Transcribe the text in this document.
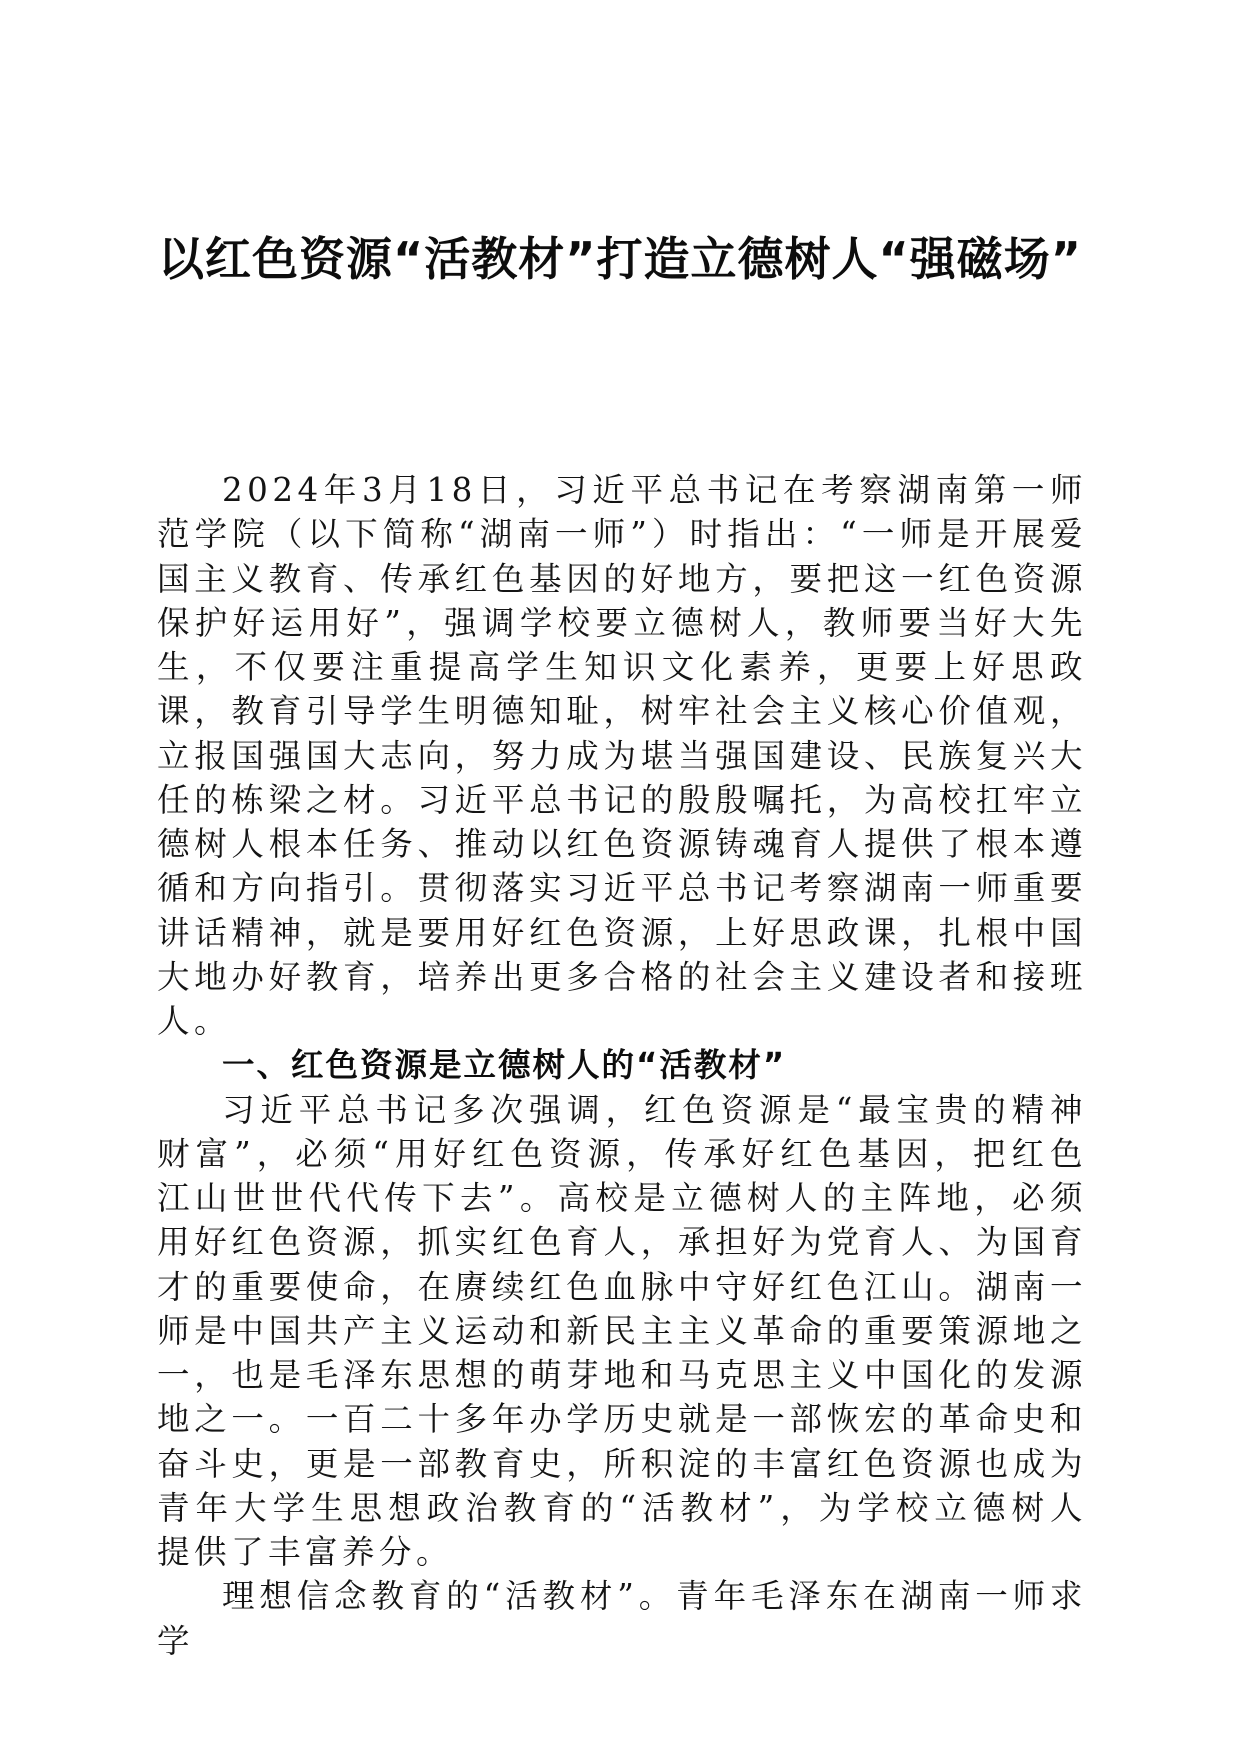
以红色资源“活教材”打造立德树人“强磁场”

2024年3月18日，习近平总书记在考察湖南第一师范学院（以下简称“湖南一师”）时指出：“一师是开展爱国主义教育、传承红色基因的好地方，要把这一红色资源保护好运用好”，强调学校要立德树人，教师要当好大先生，不仅要注重提高学生知识文化素养，更要上好思政课，教育引导学生明德知耻，树牢社会主义核心价值观，立报国强国大志向，努力成为堪当强国建设、民族复兴大任的栋梁之材。习近平总书记的殷殷嘱托，为高校扛牢立德树人根本任务、推动以红色资源铸魂育人提供了根本遵循和方向指引。贯彻落实习近平总书记考察湖南一师重要讲话精神，就是要用好红色资源，上好思政课，扎根中国大地办好教育，培养出更多合格的社会主义建设者和接班人。

一、红色资源是立德树人的“活教材”

习近平总书记多次强调，红色资源是“最宝贵的精神财富”，必须“用好红色资源，传承好红色基因，把红色江山世世代代传下去”。高校是立德树人的主阵地，必须用好红色资源，抓实红色育人，承担好为党育人、为国育才的重要使命，在赓续红色血脉中守好红色江山。湖南一师是中国共产主义运动和新民主主义革命的重要策源地之一，也是毛泽东思想的萌芽地和马克思主义中国化的发源地之一。一百二十多年办学历史就是一部恢宏的革命史和奋斗史，更是一部教育史，所积淀的丰富红色资源也成为青年大学生思想政治教育的“活教材”，为学校立德树人提供了丰富养分。

理想信念教育的“活教材”。青年毛泽东在湖南一师求学
